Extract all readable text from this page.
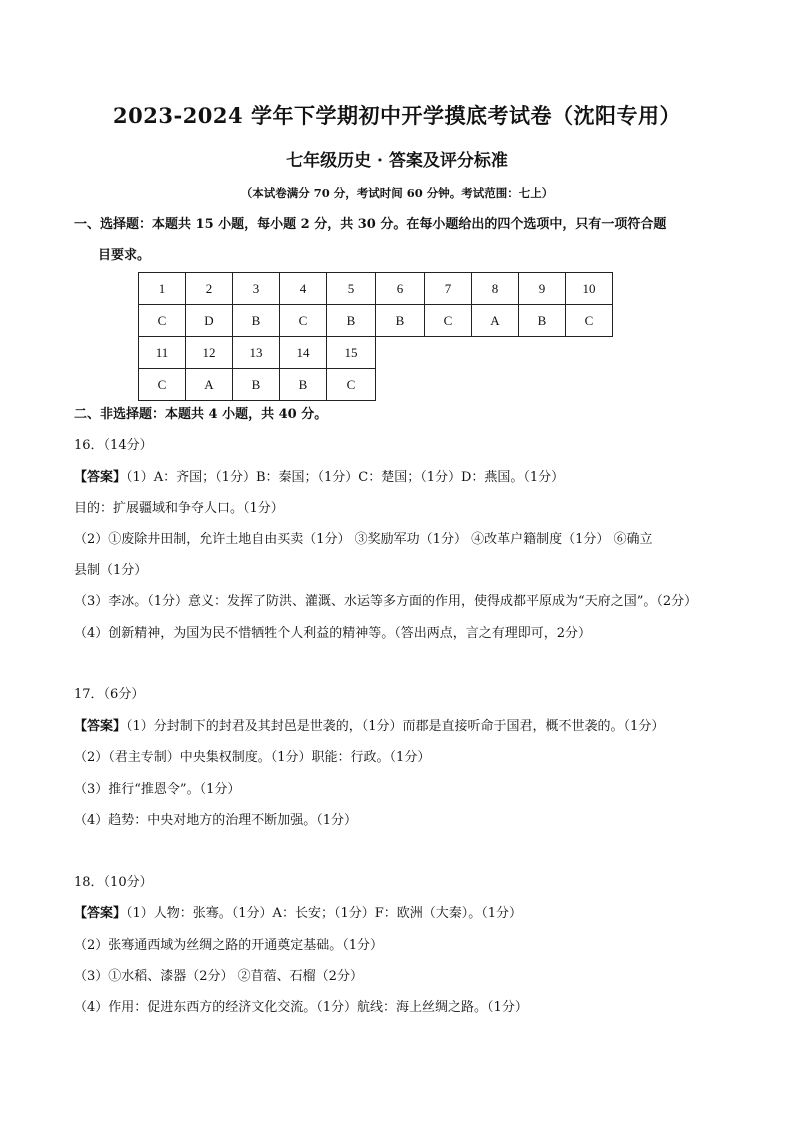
2023-2024 学年下学期初中开学摸底考试卷（沈阳专用）
七年级历史 · 答案及评分标准
（本试卷满分 70 分，考试时间 60 分钟。考试范围：七上）
一、选择题：本题共 15 小题，每小题 2 分，共 30 分。在每小题给出的四个选项中，只有一项符合题
目要求。
1	2	3	4	5	6	7	8	9	10
C	D	B	C	B	B	C	A	B	C
11	12	13	14	15
C	A	B	B	C
二、非选择题：本题共 4 小题，共 40 分。
16．（14分）
【答案】（1）A：齐国；（1分）B：秦国；（1分）C：楚国；（1分）D：燕国。（1分）
目的：扩展疆域和争夺人口。（1分）
（2）①废除井田制，允许土地自由买卖（1分） ③奖励军功（1分） ④改革户籍制度（1分） ⑥确立
县制（1分）
（3）李冰。（1分）意义：发挥了防洪、灌溉、水运等多方面的作用，使得成都平原成为“天府之国”。（2分）
（4）创新精神，为国为民不惜牺牲个人利益的精神等。（答出两点，言之有理即可，2分）
17．（6分）
【答案】（1）分封制下的封君及其封邑是世袭的，（1分）而郡是直接听命于国君，概不世袭的。（1分）
（2）（君主专制）中央集权制度。（1分）职能：行政。（1分）
（3）推行“推恩令”。（1分）
（4）趋势：中央对地方的治理不断加强。（1分）
18．（10分）
【答案】（1）人物：张骞。（1分）A：长安；（1分）F：欧洲（大秦）。（1分）
（2）张骞通西域为丝绸之路的开通奠定基础。（1分）
（3）①水稻、漆器（2分） ②苜蓿、石榴（2分）
（4）作用：促进东西方的经济文化交流。（1分）航线：海上丝绸之路。（1分）
